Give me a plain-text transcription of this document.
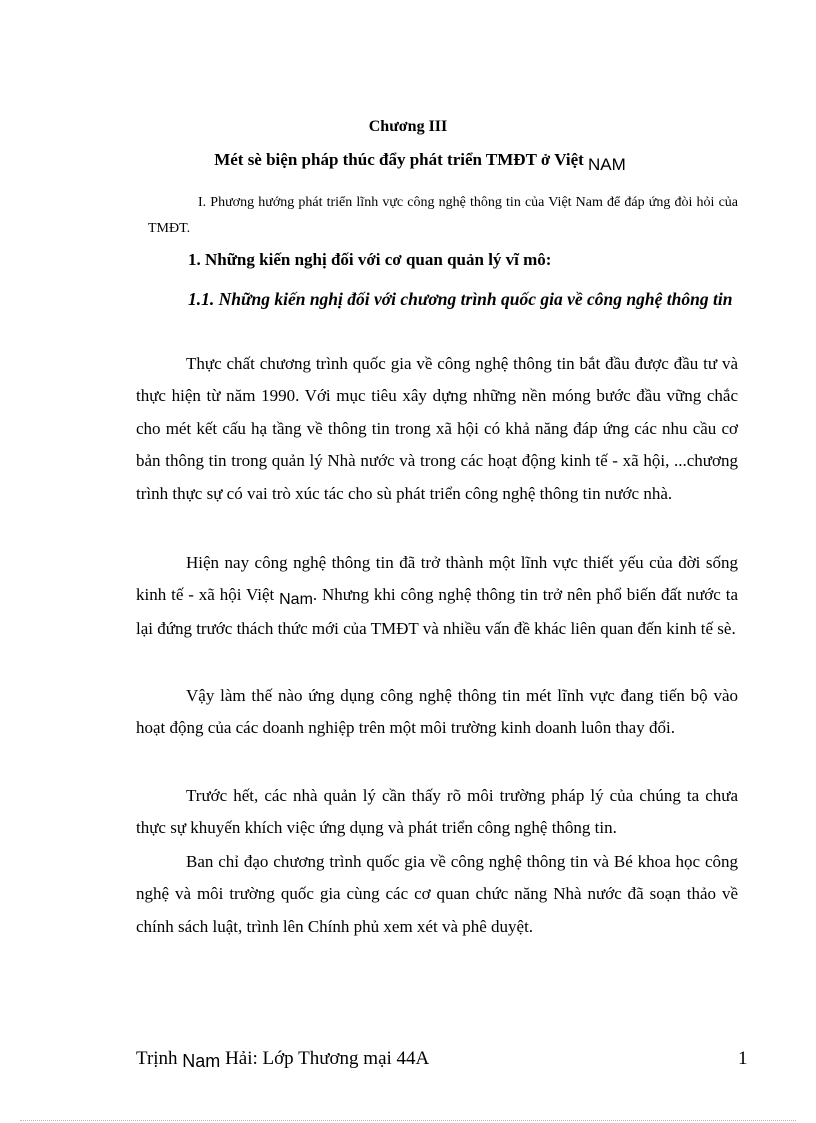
Chương III
Mét sè biện pháp thúc đẩy phát triển TMĐT ở Việt NAM
I. Phương hướng phát triển lĩnh vực công nghệ thông tin của Việt Nam để đáp ứng đòi hỏi của TMĐT.
1. Những kiến nghị đối với cơ quan quản lý vĩ mô:
1.1. Những kiến nghị đối với chương trình quốc gia về công nghệ thông tin
Thực chất chương trình quốc gia về công nghệ thông tin bắt đầu được đầu tư và thực hiện từ năm 1990. Với mục tiêu xây dựng những nền móng bước đầu vững chắc cho mét kết cấu hạ tầng về thông tin trong xã hội có khả năng đáp ứng các nhu cầu cơ bản thông tin trong quản lý Nhà nước và trong các hoạt động kinh tế - xã hội, ...chương trình thực sự có vai trò xúc tác cho sù phát triển công nghệ thông tin nước nhà.
Hiện nay công nghệ thông tin đã trở thành một lĩnh vực thiết yếu của đời sống kinh tế - xã hội Việt Nam. Nhưng khi công nghệ thông tin trở nên phổ biến đất nước ta lại đứng trước thách thức mới của TMĐT và nhiều vấn đề khác liên quan đến kinh tế sè.
Vậy làm thế nào ứng dụng công nghệ thông tin mét lĩnh vực đang tiến bộ vào hoạt động của các doanh nghiệp trên một môi trường kinh doanh luôn thay đổi.
Trước hết, các nhà quản lý cần thấy rõ môi trường pháp lý của chúng ta chưa thực sự khuyến khích việc ứng dụng và phát triển công nghệ thông tin.
Ban chỉ đạo chương trình quốc gia về công nghệ thông tin và Bé khoa học công nghệ và môi trường quốc gia cùng các cơ quan chức năng Nhà nước đã soạn thảo về chính sách luật, trình lên Chính phủ xem xét và phê duyệt.
Trịnh Nam Hải: Lớp Thương mại 44A	1
